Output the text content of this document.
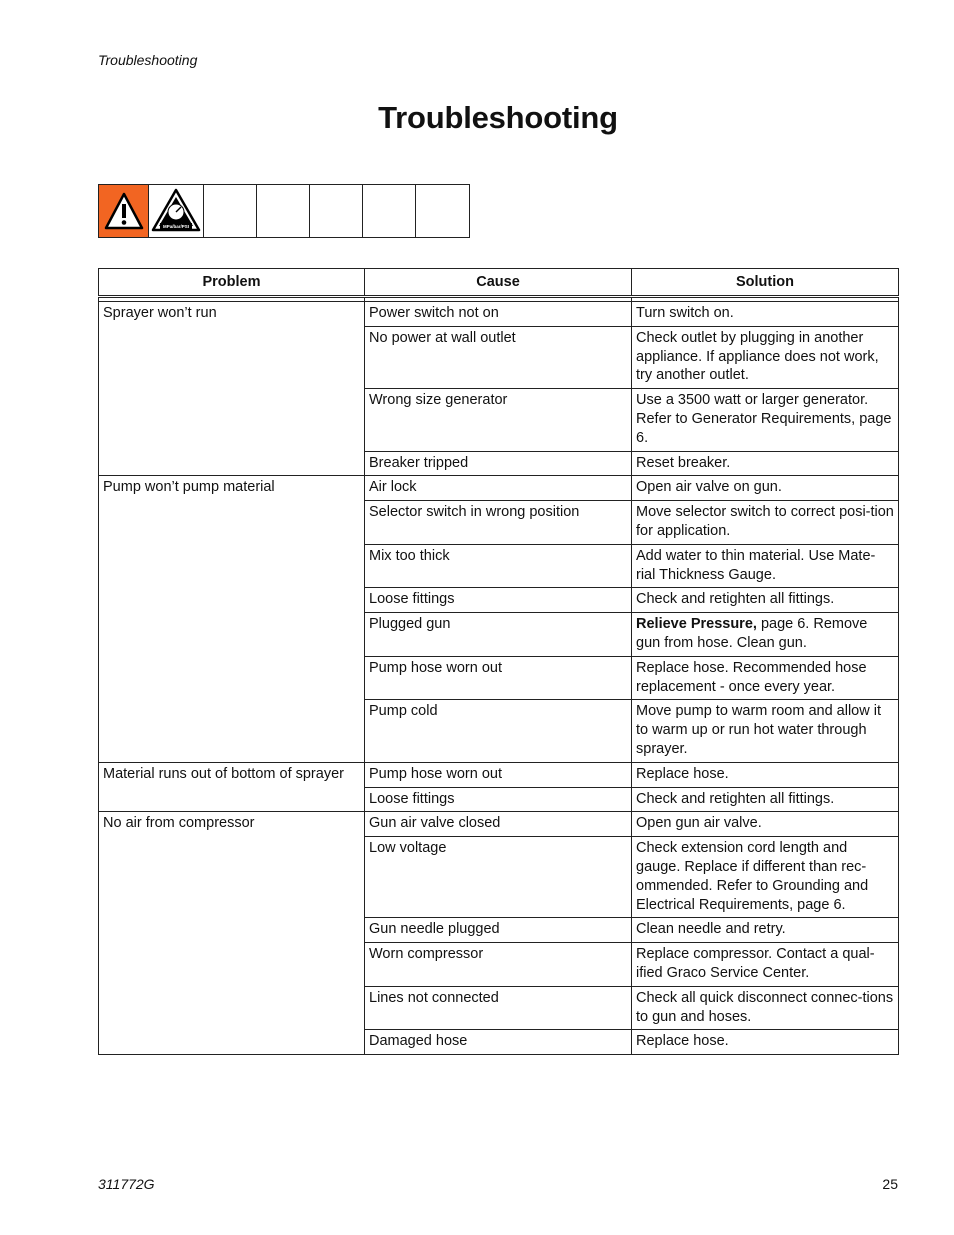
Troubleshooting
Troubleshooting
MPa/bar/PSI
Problem	Cause	Solution

Sprayer won’t run	Power switch not on	Turn switch on.
	No power at wall outlet	Check outlet by plugging in another appliance. If appliance does not work, try another outlet.
	Wrong size generator	Use a 3500 watt or larger generator. Refer to Generator Requirements, page 6.
	Breaker tripped	Reset breaker.
Pump won’t pump material	Air lock	Open air valve on gun.
	Selector switch in wrong position	Move selector switch to correct posi-tion for application.
	Mix too thick	Add water to thin material. Use Mate-rial Thickness Gauge.
	Loose fittings	Check and retighten all fittings.
	Plugged gun	Relieve Pressure, page 6. Remove gun from hose. Clean gun.
	Pump hose worn out	Replace hose. Recommended hose replacement - once every year.
	Pump cold	Move pump to warm room and allow it to warm up or run hot water through sprayer.
Material runs out of bottom of sprayer	Pump hose worn out	Replace hose.
	Loose fittings	Check and retighten all fittings.
No air from compressor	Gun air valve closed	Open gun air valve.
	Low voltage	Check extension cord length and gauge. Replace if different than rec-ommended. Refer to Grounding and Electrical Requirements, page 6.
	Gun needle plugged	Clean needle and retry.
	Worn compressor	Replace compressor. Contact a qual-ified Graco Service Center.
	Lines not connected	Check all quick disconnect connec-tions to gun and hoses.
	Damaged hose	Replace hose.
311772G	25
